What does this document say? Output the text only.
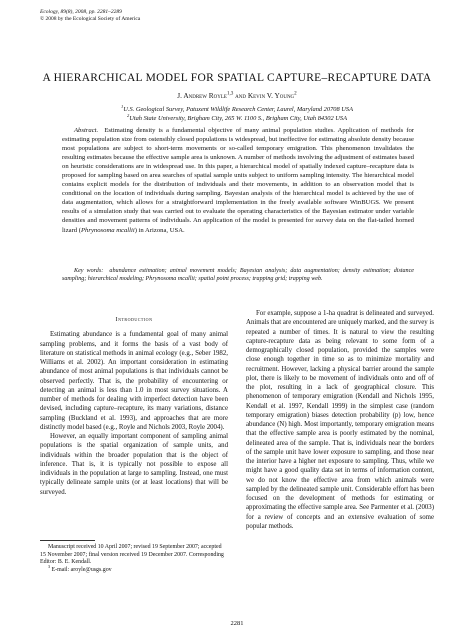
Ecology, 89(8), 2008, pp. 2281–2289
© 2008 by the Ecological Society of America
A HIERARCHICAL MODEL FOR SPATIAL CAPTURE–RECAPTURE DATA
J. Andrew Royle$^{1,3}$ and Kevin V. Young$^2$
$^1$U.S. Geological Survey, Patuxent Wildlife Research Center, Laurel, Maryland 20708 USA
$^2$Utah State University, Brigham City, 265 W. 1100 S., Brigham City, Utah 84302 USA
Abstract. Estimating density is a fundamental objective of many animal population studies. Application of methods for estimating population size from ostensibly closed populations is widespread, but ineffective for estimating absolute density because most populations are subject to short-term movements or so-called temporary emigration. This phenomenon invalidates the resulting estimates because the effective sample area is unknown. A number of methods involving the adjustment of estimates based on heuristic considerations are in widespread use. In this paper, a hierarchical model of spatially indexed capture–recapture data is proposed for sampling based on area searches of spatial sample units subject to uniform sampling intensity. The hierarchical model contains explicit models for the distribution of individuals and their movements, in addition to an observation model that is conditional on the location of individuals during sampling. Bayesian analysis of the hierarchical model is achieved by the use of data augmentation, which allows for a straightforward implementation in the freely available software WinBUGS. We present results of a simulation study that was carried out to evaluate the operating characteristics of the Bayesian estimator under variable densities and movement patterns of individuals. An application of the model is presented for survey data on the flat-tailed horned lizard (Phrynosoma mcallii) in Arizona, USA.
Key words: abundance estimation; animal movement models; Bayesian analysis; data augmentation; density estimation; distance sampling; hierarchical modeling; Phrynosoma mcallii; spatial point process; trapping grid; trapping web.
Introduction

Estimating abundance is a fundamental goal of many animal sampling problems, and it forms the basis of a vast body of literature on statistical methods in animal ecology (e.g., Seber 1982, Williams et al. 2002). An important consideration in estimating abundance of most animal populations is that individuals cannot be observed perfectly. That is, the probability of encountering or detecting an animal is less than 1.0 in most survey situations. A number of methods for dealing with imperfect detection have been devised, including capture–recapture, its many variations, distance sampling (Buckland et al. 1993), and approaches that are more distinctly model based (e.g., Royle and Nichols 2003, Royle 2004).

However, an equally important component of sampling animal populations is the spatial organization of sample units, and individuals within the broader population that is the object of inference. That is, it is typically not possible to expose all individuals in the population at large to sampling. Instead, one must typically delineate sample units (or at least locations) that will be surveyed.

For example, suppose a 1-ha quadrat is delineated and surveyed. Animals that are encountered are uniquely marked, and the survey is repeated a number of times. It is natural to view the resulting capture-recapture data as being relevant to some form of a demographically closed population, provided the samples were close enough together in time so as to minimize mortality and recruitment. However, lacking a physical barrier around the sample plot, there is likely to be movement of individuals onto and off of the plot, resulting in a lack of geographical closure. This phenomenon of temporary emigration (Kendall and Nichols 1995, Kendall et al. 1997, Kendall 1999) in the simplest case (random temporary emigration) biases detection probability (p) low, hence abundance (N) high. Most importantly, temporary emigration means that the effective sample area is poorly estimated by the nominal, delineated area of the sample. That is, individuals near the borders of the sample unit have lower exposure to sampling, and those near the interior have a higher net exposure to sampling. Thus, while we might have a good quality data set in terms of information content, we do not know the effective area from which animals were sampled by the delineated sample unit. Considerable effort has been focused on the development of methods for estimating or approximating the effective sample area. See Parmenter et al. (2003) for a review of concepts and an extensive evaluation of some popular methods.

Manuscript received 10 April 2007; revised 19 September 2007; accepted 15 November 2007; final version received 19 December 2007. Corresponding Editor: B. E. Kendall.
$^3$ E-mail: aroyle@usgs.gov
2281
